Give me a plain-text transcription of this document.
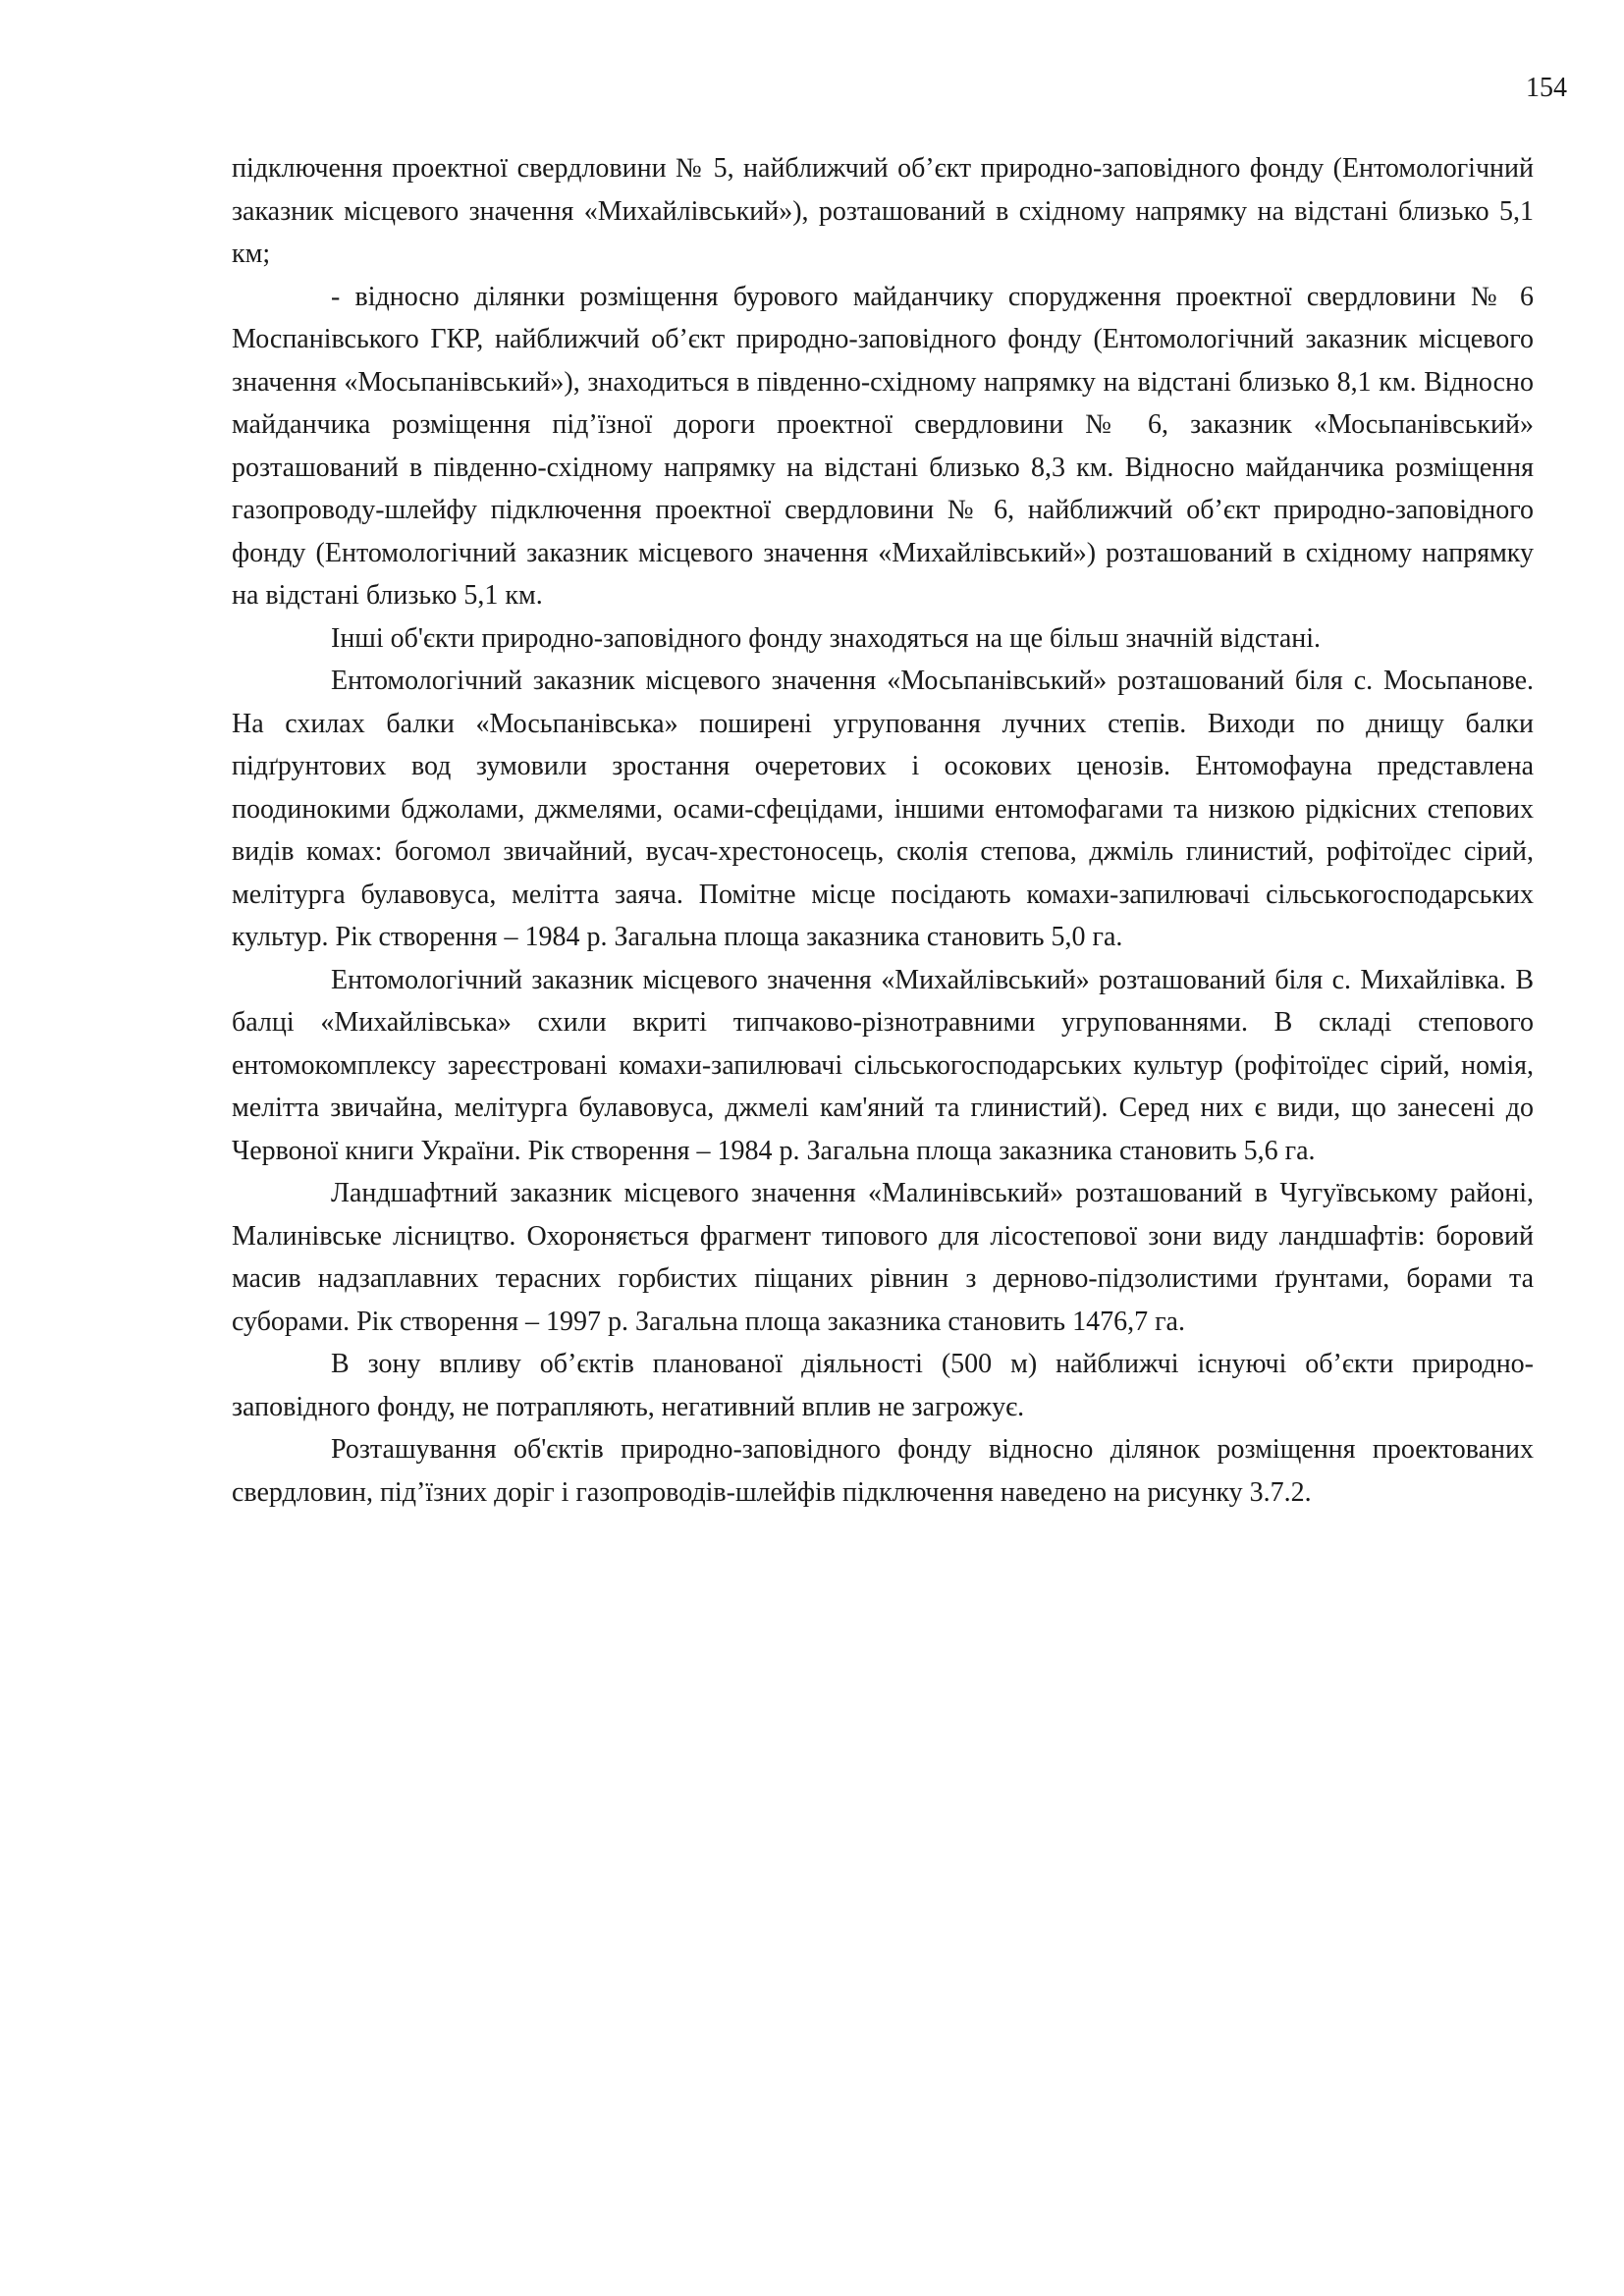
154

підключення проектної свердловини № 5, найближчий об’єкт природно-заповідного фонду (Ентомологічний заказник місцевого значення «Михайлівський»), розташований в східному напрямку на відстані близько 5,1 км;

- відносно ділянки розміщення бурового майданчику спорудження проектної свердловини № 6 Моспанівського ГКР, найближчий об’єкт природно-заповідного фонду (Ентомологічний заказник місцевого значення «Мосьпанівський»), знаходиться в південно-східному напрямку на відстані близько 8,1 км. Відносно майданчика розміщення під’їзної дороги проектної свердловини № 6, заказник «Мосьпанівський» розташований в південно-східному напрямку на відстані близько 8,3 км. Відносно майданчика розміщення газопроводу-шлейфу підключення проектної свердловини № 6, найближчий об’єкт природно-заповідного фонду (Ентомологічний заказник місцевого значення «Михайлівський») розташований в східному напрямку на відстані близько 5,1 км.

Інші об'єкти природно-заповідного фонду знаходяться на ще більш значній відстані.

Ентомологічний заказник місцевого значення «Мосьпанівський» розташований біля с. Мосьпанове. На схилах балки «Мосьпанівська» поширені угруповання лучних степів. Виходи по днищу балки підґрунтових вод зумовили зростання очеретових і осокових ценозів. Ентомофауна представлена поодинокими бджолами, джмелями, осами-сфецідами, іншими ентомофагами та низкою рідкісних степових видів комах: богомол звичайний, вусач-хрестоносець, сколія степова, джміль глинистий, рофітоїдес сірий, мелітурга булавовуса, мелітта заяча. Помітне місце посідають комахи-запилювачі сільськогосподарських культур. Рік створення – 1984 р. Загальна площа заказника становить 5,0 га.

Ентомологічний заказник місцевого значення «Михайлівський» розташований біля с. Михайлівка. В балці «Михайлівська» схили вкриті типчаково-різнотравними угрупованнями. В складі степового ентомокомплексу зареєстровані комахи-запилювачі сільськогосподарських культур (рофітоїдес сірий, номія, мелітта звичайна, мелітурга булавовуса, джмелі кам'яний та глинистий). Серед них є види, що занесені до Червоної книги України. Рік створення – 1984 р. Загальна площа заказника становить 5,6 га.

Ландшафтний заказник місцевого значення «Малинівський» розташований в Чугуївському районі, Малинівське лісництво. Охороняється фрагмент типового для лісостепової зони виду ландшафтів: боровий масив надзаплавних терасних горбистих піщаних рівнин з дерново-підзолистими ґрунтами, борами та суборами. Рік створення – 1997 р. Загальна площа заказника становить 1476,7 га.

В зону впливу об’єктів планованої діяльності (500 м) найближчі існуючі об’єкти природно-заповідного фонду, не потрапляють, негативний вплив не загрожує.

Розташування об'єктів природно-заповідного фонду відносно ділянок розміщення проектованих свердловин, під’їзних доріг і газопроводів-шлейфів підключення наведено на рисунку 3.7.2.
